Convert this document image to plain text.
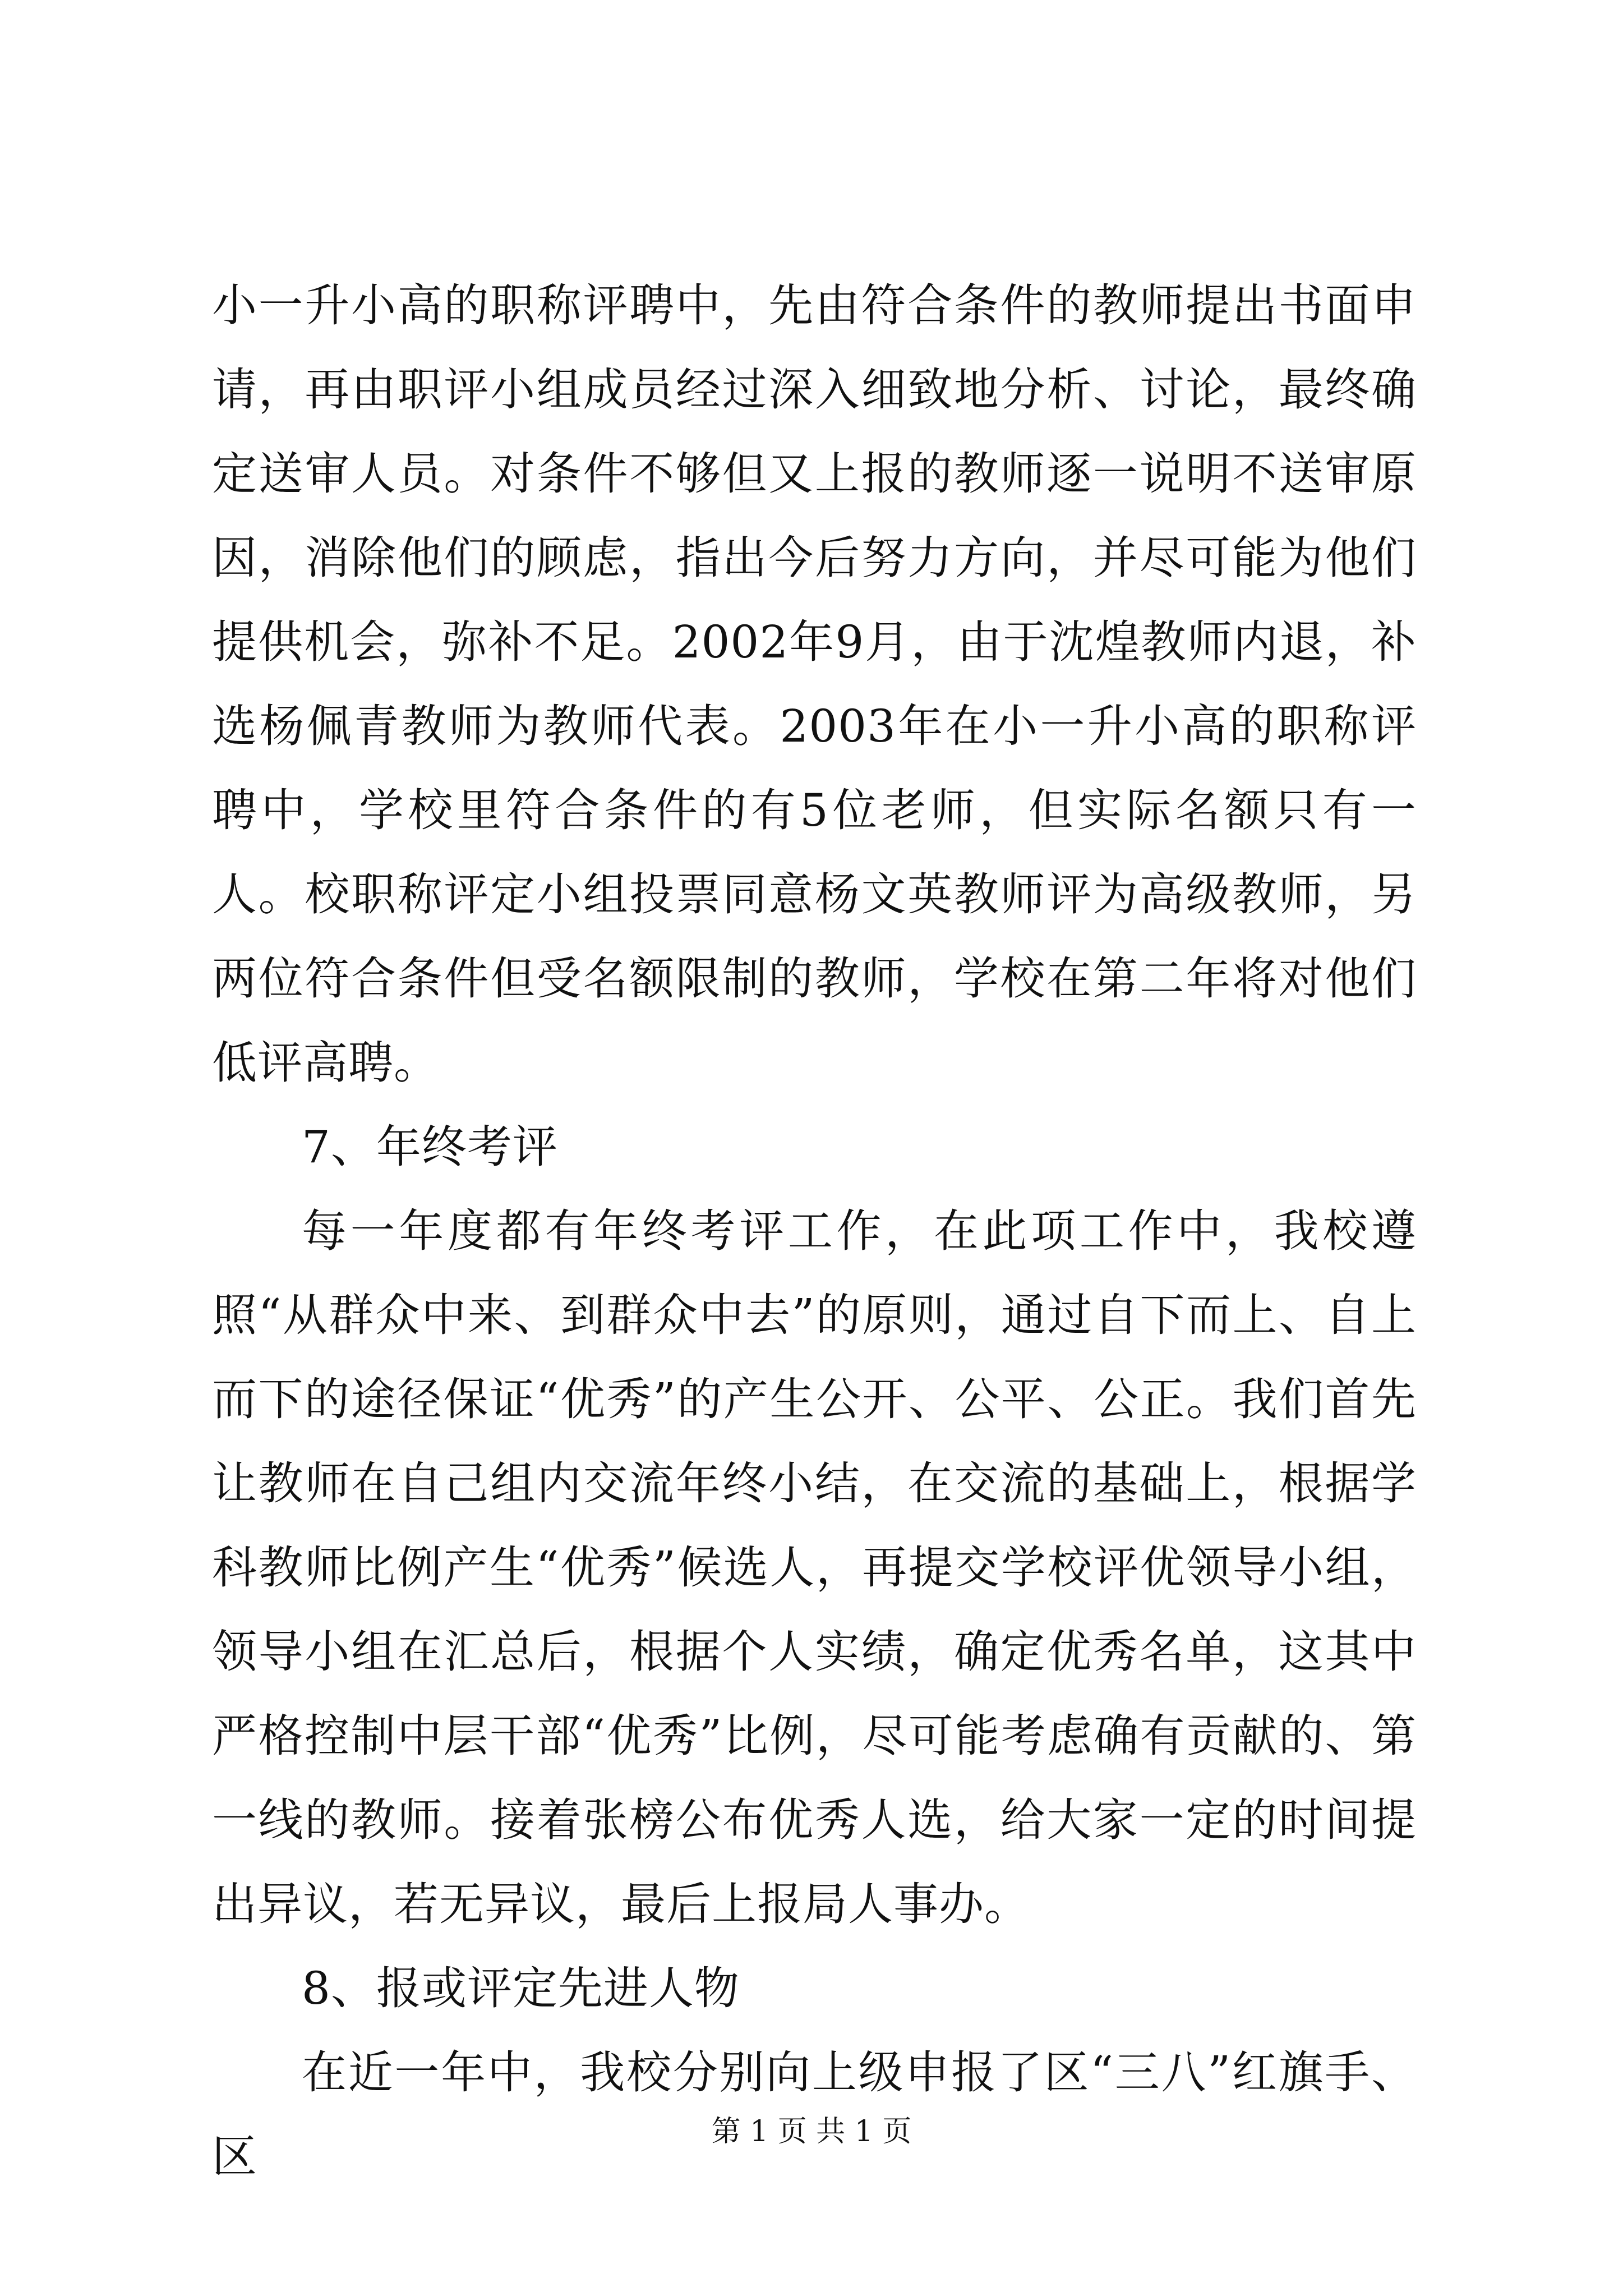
小一升小高的职称评聘中，先由符合条件的教师提出书面申请，再由职评小组成员经过深入细致地分析、讨论，最终确定送审人员。对条件不够但又上报的教师逐一说明不送审原因，消除他们的顾虑，指出今后努力方向，并尽可能为他们提供机会，弥补不足。2002年9月，由于沈煌教师内退，补选杨佩青教师为教师代表。2003年在小一升小高的职称评聘中，学校里符合条件的有5位老师，但实际名额只有一人。校职称评定小组投票同意杨文英教师评为高级教师，另两位符合条件但受名额限制的教师，学校在第二年将对他们低评高聘。

7、年终考评

每一年度都有年终考评工作，在此项工作中，我校遵照“从群众中来、到群众中去”的原则，通过自下而上、自上而下的途径保证“优秀”的产生公开、公平、公正。我们首先让教师在自己组内交流年终小结，在交流的基础上，根据学科教师比例产生“优秀”候选人，再提交学校评优领导小组，领导小组在汇总后，根据个人实绩，确定优秀名单，这其中严格控制中层干部“优秀”比例，尽可能考虑确有贡献的、第一线的教师。接着张榜公布优秀人选，给大家一定的时间提出异议，若无异议，最后上报局人事办。

8、报或评定先进人物

在近一年中，我校分别向上级申报了区“三八”红旗手、区	第 1 页 共 1 页
